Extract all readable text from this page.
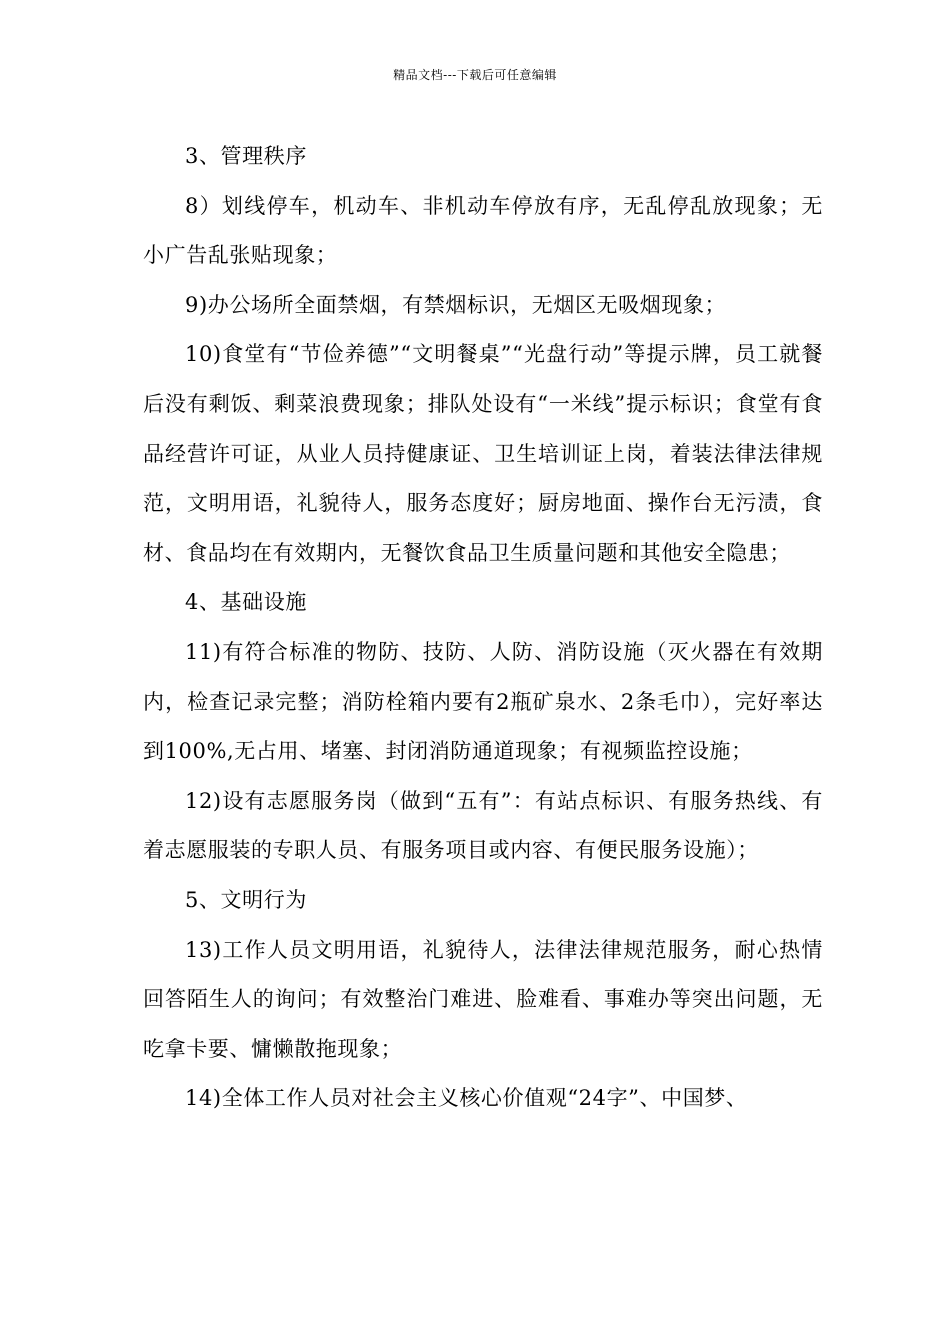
精品文档---下载后可任意编辑

3、管理秩序

8）划线停车，机动车、非机动车停放有序，无乱停乱放现象；无小广告乱张贴现象；

9)办公场所全面禁烟，有禁烟标识，无烟区无吸烟现象；

10)食堂有“节俭养德”“文明餐桌”“光盘行动”等提示牌，员工就餐后没有剩饭、剩菜浪费现象；排队处设有“一米线”提示标识；食堂有食品经营许可证，从业人员持健康证、卫生培训证上岗，着装法律法律规范，文明用语，礼貌待人，服务态度好；厨房地面、操作台无污渍，食材、食品均在有效期内，无餐饮食品卫生质量问题和其他安全隐患；

4、基础设施

11)有符合标准的物防、技防、人防、消防设施（灭火器在有效期内，检查记录完整；消防栓箱内要有2瓶矿泉水、2条毛巾），完好率达到100%,无占用、堵塞、封闭消防通道现象；有视频监控设施；

12)设有志愿服务岗（做到“五有”：有站点标识、有服务热线、有着志愿服装的专职人员、有服务项目或内容、有便民服务设施）；

5、文明行为

13)工作人员文明用语，礼貌待人，法律法律规范服务，耐心热情回答陌生人的询问；有效整治门难进、脸难看、事难办等突出问题，无吃拿卡要、慵懒散拖现象；

14)全体工作人员对社会主义核心价值观“24字”、中国梦、
